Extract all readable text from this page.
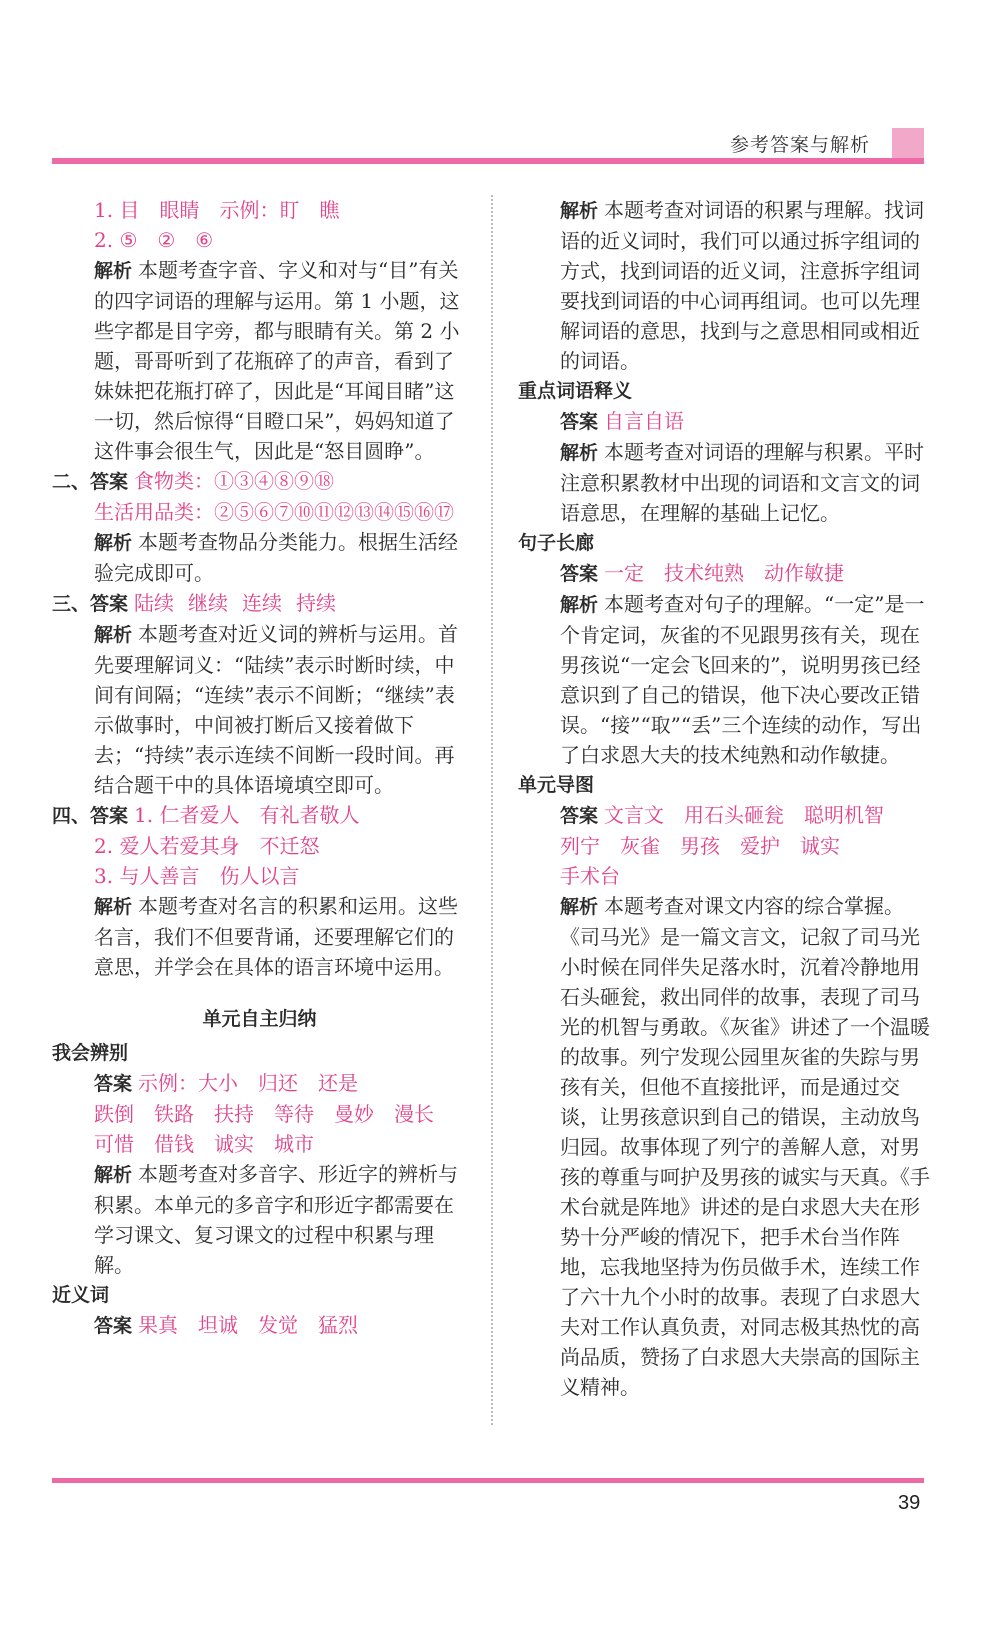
参考答案与解析

1. 目　眼睛　示例：盯　瞧

2. ⑤　②　⑥

解析 本题考查字音、字义和对与“目”有关的四字词语的理解与运用。第 1 小题，这些字都是目字旁，都与眼睛有关。第 2 小题，哥哥听到了花瓶碎了的声音，看到了妹妹把花瓶打碎了，因此是“耳闻目睹”这一切，然后惊得“目瞪口呆”，妈妈知道了这件事会很生气，因此是“怒目圆睁”。

二、答案 食物类：①③④⑧⑨⑱

生活用品类：②⑤⑥⑦⑩⑪⑫⑬⑭⑮⑯⑰

解析 本题考查物品分类能力。根据生活经验完成即可。

三、答案 陆续 继续 连续 持续

解析 本题考查对近义词的辨析与运用。首先要理解词义：“陆续”表示时断时续，中间有间隔；“连续”表示不间断；“继续”表示做事时，中间被打断后又接着做下去；“持续”表示连续不间断一段时间。再结合题干中的具体语境填空即可。

四、答案 1. 仁者爱人　有礼者敬人

2. 爱人若爱其身　不迁怒

3. 与人善言　伤人以言

解析 本题考查对名言的积累和运用。这些名言，我们不但要背诵，还要理解它们的意思，并学会在具体的语言环境中运用。

单元自主归纳

我会辨别

答案 示例：大小　归还　还是

跌倒　铁路　扶持　等待　曼妙　漫长

可惜　借钱　诚实　城市

解析 本题考查对多音字、形近字的辨析与积累。本单元的多音字和形近字都需要在学习课文、复习课文的过程中积累与理解。

近义词

答案 果真　坦诚　发觉　猛烈

解析 本题考查对词语的积累与理解。找词语的近义词时，我们可以通过拆字组词的方式，找到词语的近义词，注意拆字组词要找到词语的中心词再组词。也可以先理解词语的意思，找到与之意思相同或相近的词语。

重点词语释义

答案 自言自语

解析 本题考查对词语的理解与积累。平时注意积累教材中出现的词语和文言文的词语意思，在理解的基础上记忆。

句子长廊

答案 一定　技术纯熟　动作敏捷

解析 本题考查对句子的理解。“一定”是一个肯定词，灰雀的不见跟男孩有关，现在男孩说“一定会飞回来的”，说明男孩已经意识到了自己的错误，他下决心要改正错误。“接”“取”“丢”三个连续的动作，写出了白求恩大夫的技术纯熟和动作敏捷。

单元导图

答案 文言文　用石头砸瓮　聪明机智

列宁　灰雀　男孩　爱护　诚实

手术台

解析 本题考查对课文内容的综合掌握。《司马光》是一篇文言文，记叙了司马光小时候在同伴失足落水时，沉着冷静地用石头砸瓮，救出同伴的故事，表现了司马光的机智与勇敢。《灰雀》讲述了一个温暖的故事。列宁发现公园里灰雀的失踪与男孩有关，但他不直接批评，而是通过交谈，让男孩意识到自己的错误，主动放鸟归园。故事体现了列宁的善解人意，对男孩的尊重与呵护及男孩的诚实与天真。《手术台就是阵地》讲述的是白求恩大夫在形势十分严峻的情况下，把手术台当作阵地，忘我地坚持为伤员做手术，连续工作了六十九个小时的故事。表现了白求恩大夫对工作认真负责，对同志极其热忱的高尚品质，赞扬了白求恩大夫崇高的国际主义精神。

39
